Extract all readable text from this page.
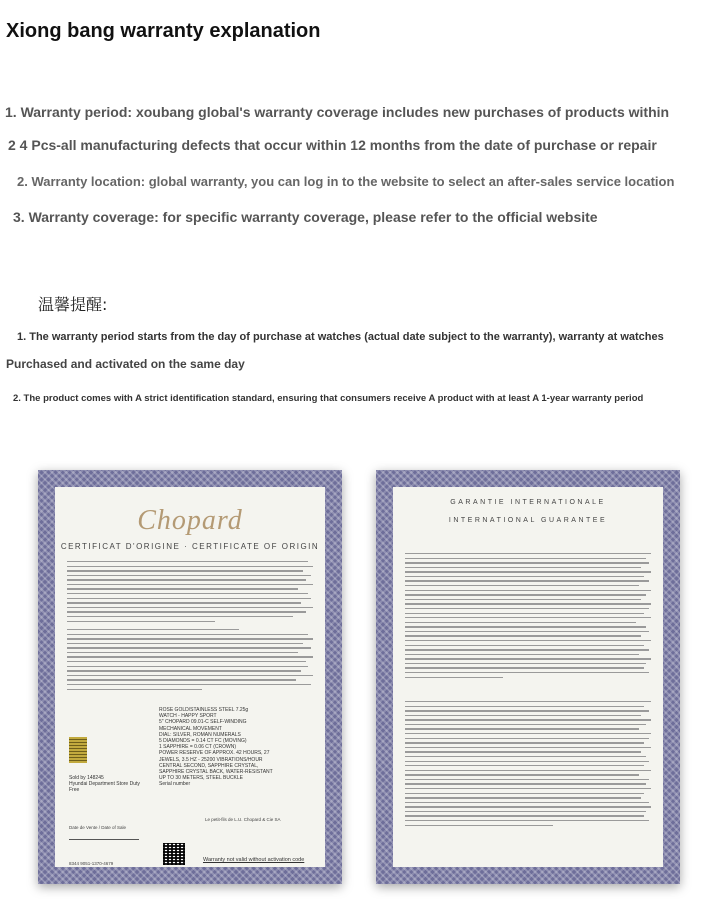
Xiong bang warranty explanation
1. Warranty period: xoubang global's warranty coverage includes new purchases of products within
2 4 Pcs-all manufacturing defects that occur within 12 months from the date of purchase or repair
2. Warranty location: global warranty, you can log in to the website to select an after-sales service location
3. Warranty coverage: for specific warranty coverage, please refer to the official website
温馨提醒:
1. The warranty period starts from the day of purchase at watches (actual date subject to the warranty), warranty at watches
Purchased and activated on the same day
2. The product comes with A strict identification standard, ensuring that consumers receive A product with at least A 1-year warranty period
Chopard
CERTIFICAT D'ORIGINE · CERTIFICATE OF ORIGIN
ROSE GOLD/STAINLESS STEEL 7.25g
WATCH - HAPPY SPORT
5" CHOPARD 09.01-C SELF-WINDING
MECHANICAL MOVEMENT
DIAL: SILVER, ROMAN NUMERALS
5 DIAMONDS = 0.14 CT FC (MOVING)
1 SAPPHIRE = 0.06 CT (CROWN)
POWER RESERVE OF APPROX. 42 HOURS, 27
JEWELS, 3.5 HZ - 25200 VIBRATIONS/HOUR
CENTRAL SECOND, SAPPHIRE CRYSTAL,
SAPPHIRE CRYSTAL BACK, WATER-RESISTANT
UP TO 30 METERS, STEEL BUCKLE
Serial number
Sold by 148245
Hyundai Department Store Duty
Free
Le petit-fils de L.U. Chopard & Cie SA
Date de Vente / Date of Sale
8344 9051-1370-4679
Warranty not valid without activation code
GARANTIE INTERNATIONALE
INTERNATIONAL GUARANTEE
